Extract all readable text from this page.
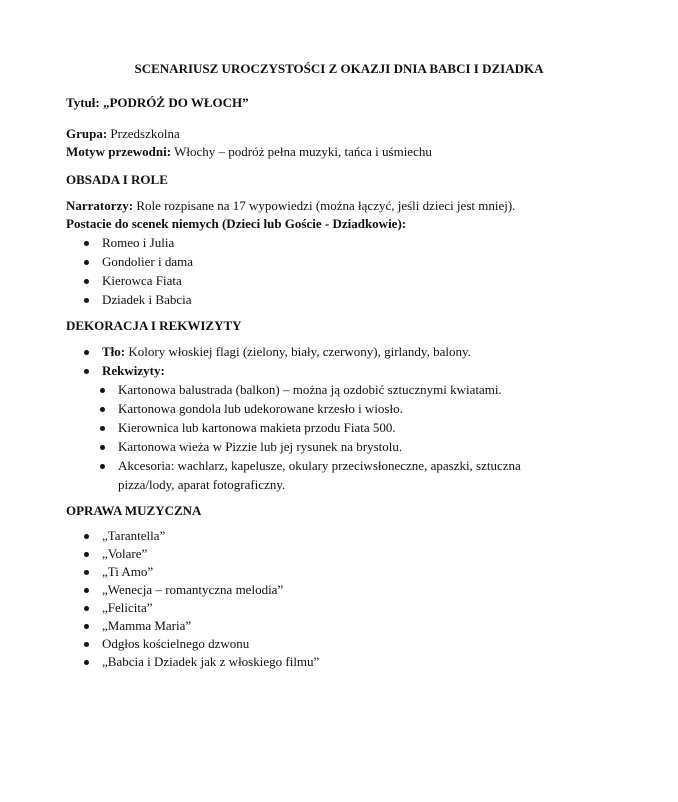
SCENARIUSZ UROCZYSTOŚCI Z OKAZJI DNIA BABCI I DZIADKA
Tytuł: „PODRÓŻ DO WŁOCH”
Grupa: Przedszkolna
Motyw przewodni: Włochy – podróż pełna muzyki, tańca i uśmiechu
OBSADA I ROLE
Narratorzy: Role rozpisane na 17 wypowiedzi (można łączyć, jeśli dzieci jest mniej).
Postacie do scenek niemych (Dzieci lub Goście - Dziadkowie):
Romeo i Julia
Gondolier i dama
Kierowca Fiata
Dziadek i Babcia
DEKORACJA I REKWIZYTY
Tło: Kolory włoskiej flagi (zielony, biały, czerwony), girlandy, balony.
Rekwizyty:
Kartonowa balustrada (balkon) – można ją ozdobić sztucznymi kwiatami.
Kartonowa gondola lub udekorowane krzesło i wiosło.
Kierownica lub kartonowa makieta przodu Fiata 500.
Kartonowa wieża w Pizzie lub jej rysunek na brystolu.
Akcesoria: wachlarz, kapelusze, okulary przeciwsłoneczne, apaszki, sztuczna
pizza/lody, aparat fotograficzny.
OPRAWA MUZYCZNA
„Tarantella”
„Volare”
„Ti Amo”
„Wenecja – romantyczna melodia”
„Felicita”
„Mamma Maria”
Odgłos kościelnego dzwonu
„Babcia i Dziadek jak z włoskiego filmu”
